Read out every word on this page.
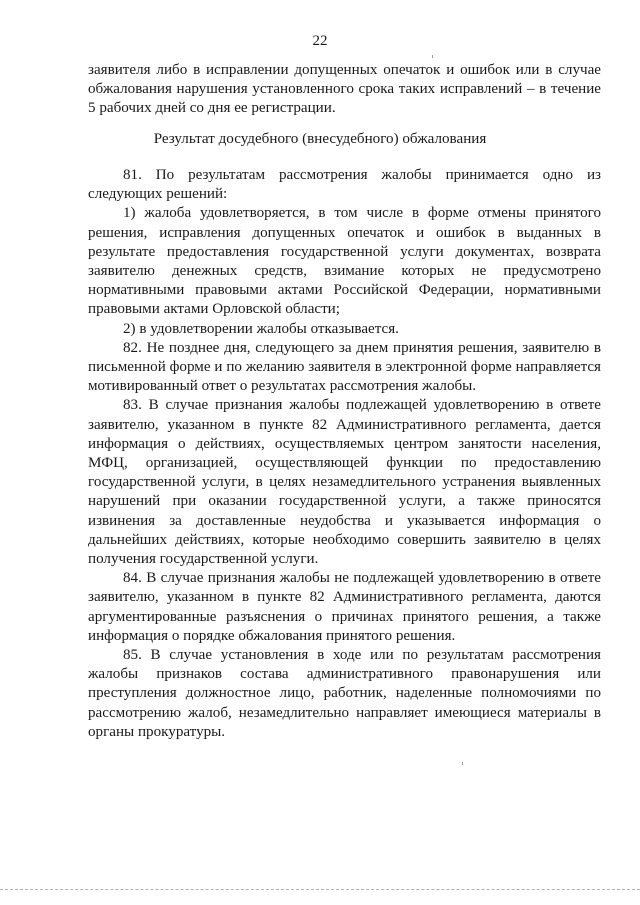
22

заявителя либо в исправлении допущенных опечаток и ошибок или в случае обжалования нарушения установленного срока таких исправлений – в течение 5 рабочих дней со дня ее регистрации.

Результат досудебного (внесудебного) обжалования

81. По результатам рассмотрения жалобы принимается одно из следующих решений:

1) жалоба удовлетворяется, в том числе в форме отмены принятого решения, исправления допущенных опечаток и ошибок в выданных в результате предоставления государственной услуги документах, возврата заявителю денежных средств, взимание которых не предусмотрено нормативными правовыми актами Российской Федерации, нормативными правовыми актами Орловской области;

2) в удовлетворении жалобы отказывается.

82. Не позднее дня, следующего за днем принятия решения, заявителю в письменной форме и по желанию заявителя в электронной форме направляется мотивированный ответ о результатах рассмотрения жалобы.

83. В случае признания жалобы подлежащей удовлетворению в ответе заявителю, указанном в пункте 82 Административного регламента, дается информация о действиях, осуществляемых центром занятости населения, МФЦ, организацией, осуществляющей функции по предоставлению государственной услуги, в целях незамедлительного устранения выявленных нарушений при оказании государственной услуги, а также приносятся извинения за доставленные неудобства и указывается информация о дальнейших действиях, которые необходимо совершить заявителю в целях получения государственной услуги.

84. В случае признания жалобы не подлежащей удовлетворению в ответе заявителю, указанном в пункте 82 Административного регламента, даются аргументированные разъяснения о причинах принятого решения, а также информация о порядке обжалования принятого решения.

85. В случае установления в ходе или по результатам рассмотрения жалобы признаков состава административного правонарушения или преступления должностное лицо, работник, наделенные полномочиями по рассмотрению жалоб, незамедлительно направляет имеющиеся материалы в органы прокуратуры.
